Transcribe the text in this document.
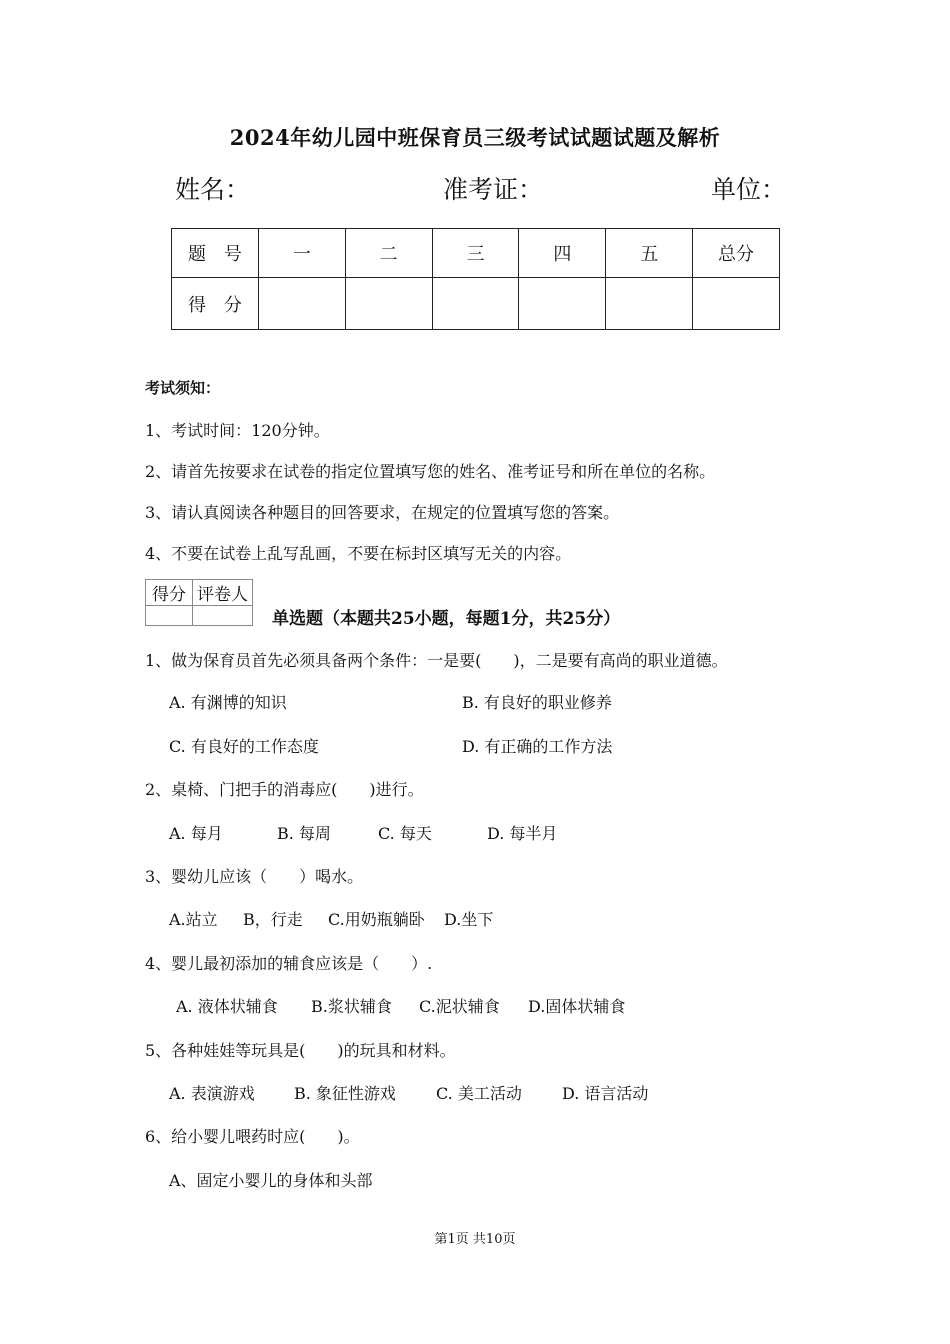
2024年幼儿园中班保育员三级考试试题试题及解析
姓名：	准考证：	单位：
题　号	一	二	三	四	五	总分
得　分						
考试须知：
1、考试时间：120分钟。
2、请首先按要求在试卷的指定位置填写您的姓名、准考证号和所在单位的名称。
3、请认真阅读各种题目的回答要求，在规定的位置填写您的答案。
4、不要在试卷上乱写乱画，不要在标封区填写无关的内容。
得分	评卷人

单选题（本题共25小题，每题1分，共25分）
1、做为保育员首先必须具备两个条件：一是要(　　)，二是要有高尚的职业道德。
A. 有渊博的知识	B. 有良好的职业修养
C. 有良好的工作态度	D. 有正确的工作方法
2、桌椅、门把手的消毒应(　　)进行。
A. 每月	B. 每周	C. 每天	D. 每半月
3、婴幼儿应该（　　）喝水。
A.站立 B，行走 C.用奶瓶躺卧 D.坐下
4、婴儿最初添加的辅食应该是（　　）.
A. 液体状辅食 B.浆状辅食 C.泥状辅食 D.固体状辅食
5、各种娃娃等玩具是(　　)的玩具和材料。
A. 表演游戏 B. 象征性游戏	C. 美工活动	D. 语言活动
6、给小婴儿喂药时应(　　)。
A、固定小婴儿的身体和头部
第1页 共10页
